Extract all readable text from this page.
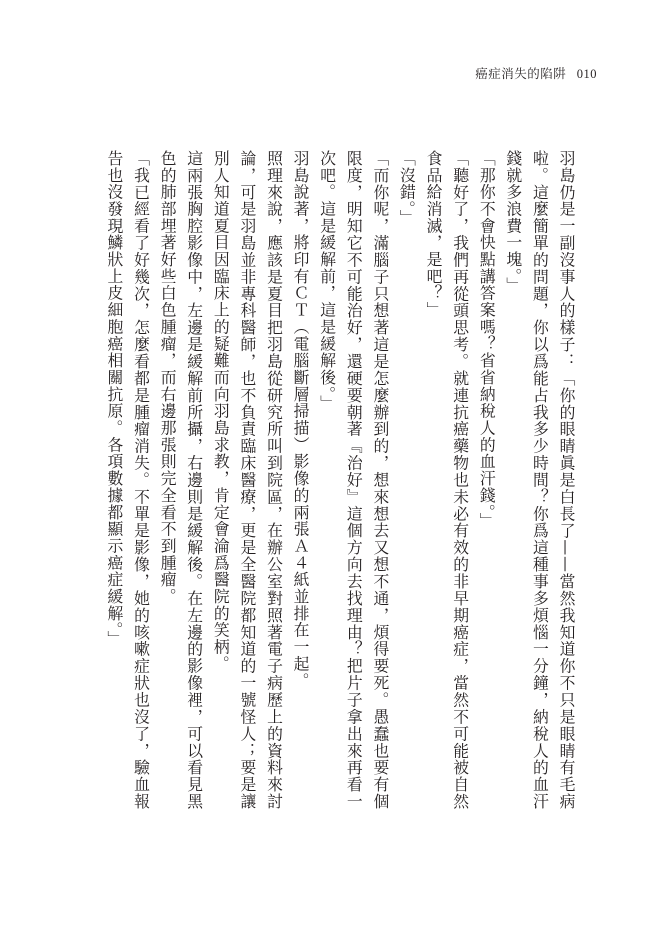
癌症消失的陷阱 010

羽島仍是一副沒事人的樣子：「你的眼睛眞是白長了——當然我知道你不只是眼睛有毛病啦。這麼簡單的問題，你以爲能占我多少時間？你爲這種事多煩惱一分鐘，納稅人的血汗錢就多浪費一塊。」

「那你不會快點講答案嗎？省省納稅人的血汗錢。」

「聽好了，我們再從頭思考。就連抗癌藥物也未必有效的非早期癌症，當然不可能被自然食品給消滅，是吧？」

「沒錯。」

「而你呢，滿腦子只想著這是怎麼辦到的，想來想去又想不通，煩得要死。愚蠢也要有個限度，明知它不可能治好，還硬要朝著『治好』這個方向去找理由？把片子拿出來再看一次吧。這是緩解前，這是緩解後。」

羽島說著，將印有ＣＴ（電腦斷層掃描）影像的兩張Ａ４紙並排在一起。

照理來說，應該是夏目把羽島從研究所叫到院區，在辦公室對照著電子病歷上的資料來討論，可是羽島並非專科醫師，也不負責臨床醫療，更是全醫院都知道的一號怪人；要是讓別人知道夏目因臨床上的疑難而向羽島求教，肯定會淪爲醫院的笑柄。

這兩張胸腔影像中，左邊是緩解前所攝，右邊則是緩解後。在左邊的影像裡，可以看見黑色的肺部埋著好些白色腫瘤，而右邊那張則完全看不到腫瘤。

「我已經看了好幾次，怎麼看都是腫瘤消失。不單是影像，她的咳嗽症狀也沒了，驗血報告也沒發現鱗狀上皮細胞癌相關抗原。各項數據都顯示癌症緩解。」
